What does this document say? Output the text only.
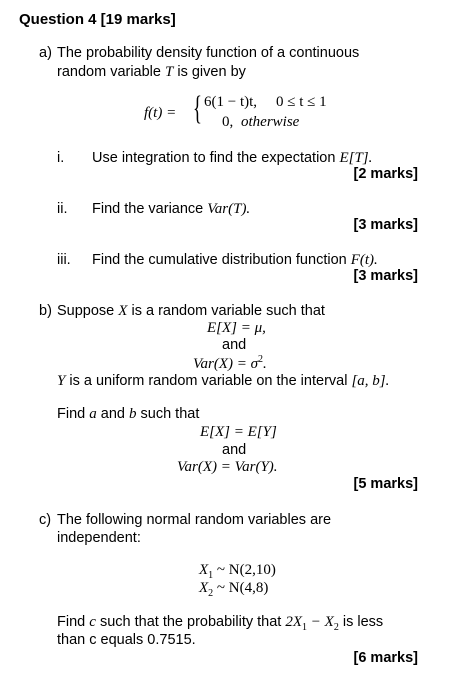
Question 4 [19 marks]
a) The probability density function of a continuous
random variable T is given by
f(t) = { 6(1 − t)t, 0 ≤ t ≤ 1
0, otherwise
i. Use integration to find the expectation E[T].
[2 marks]
ii. Find the variance Var(T).
[3 marks]
iii. Find the cumulative distribution function F(t).
[3 marks]
b) Suppose X is a random variable such that
E[X] = μ,
and
$Var(X) = \sigma^2$.
Y is a uniform random variable on the interval [a, b].
Find a and b such that
E[X] = E[Y]
and
Var(X) = Var(Y).
[5 marks]
c) The following normal random variables are
independent:
$X_1$ ~ N(2,10)
$X_2$ ~ N(4,8)
Find c such that the probability that $2X_1 - X_2$ is less
than c equals 0.7515.
[6 marks]
